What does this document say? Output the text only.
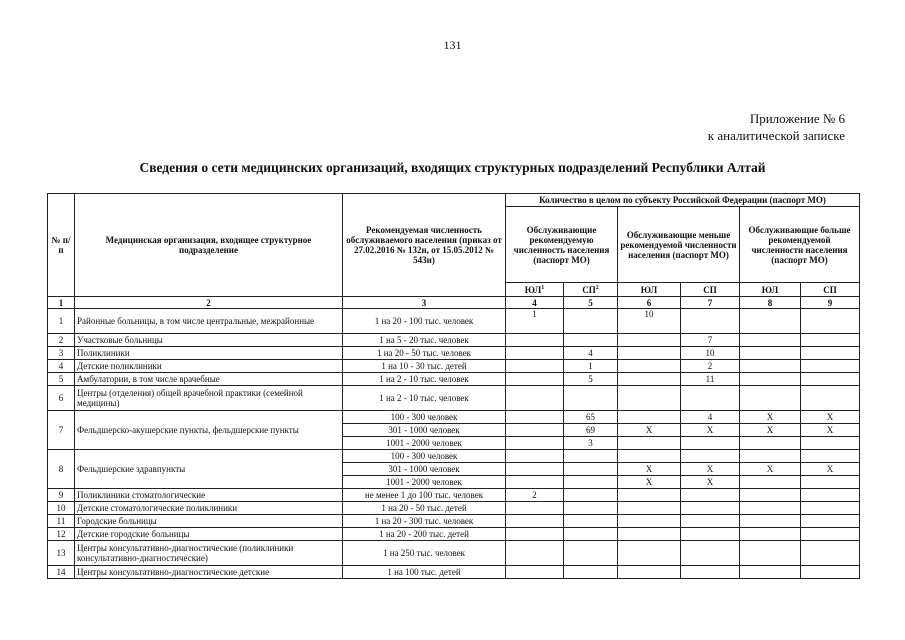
131
Приложение № 6
к аналитической записке
Сведения о сети медицинских организаций, входящих структурных подразделений Республики Алтай
№ п/п	Медицинская организация, входящее структурное подразделение	Рекомендуемая численность обслуживаемого населения (приказ от 27.02.2016 № 132н, от 15.05.2012 № 543н)	Количество в целом по субъекту Российской Федерации (паспорт МО)					
			Обслуживающие рекомендуемую численность населения (паспорт МО)		Обслуживающие меньше рекомендуемой численности населения (паспорт МО)		Обслуживающие больше рекомендуемой численности населения (паспорт МО)	
			$ЮЛ^1$	$СП^2$	ЮЛ	СП	ЮЛ	СП
1	2	3	4	5	6	7	8	9
1	Районные больницы, в том числе центральные, межрайонные	1 на 20 - 100 тыс. человек	1		10			
2	Участковые больницы	1 на 5 - 20 тыс. человек				7		
3	Поликлиники	1 на 20 - 50 тыс. человек		4		10		
4	Детские поликлиники	1 на 10 - 30 тыс. детей		1		2		
5	Амбулатории, в том числе врачебные	1 на 2 - 10 тыс. человек		5		11		
6	Центры (отделения) общей врачебной практики (семейной медицины)	1 на 2 - 10 тыс. человек						
7	Фельдшерско-акушерские пункты, фельдшерские пункты	100 - 300 человек		65		4	X	X
		301 - 1000 человек		69	X	X	X	X
		1001 - 2000 человек		3				
8	Фельдшерские здравпункты	100 - 300 человек						
		301 - 1000 человек			X	X	X	X
		1001 - 2000 человек			X	X		
9	Поликлиники стоматологические	не менее 1 до 100 тыс. человек	2					
10	Детские стоматологические поликлиники	1 на 20 - 50 тыс. детей						
11	Городские больницы	1 на 20 - 300 тыс. человек						
12	Детские городские больницы	1 на 20 - 200 тыс. детей						
13	Центры консультативно-диагностические (поликлиники консультативно-диагностические)	1 на 250 тыс. человек						
14	Центры консультативно-диагностические детские	1 на 100 тыс. детей						
